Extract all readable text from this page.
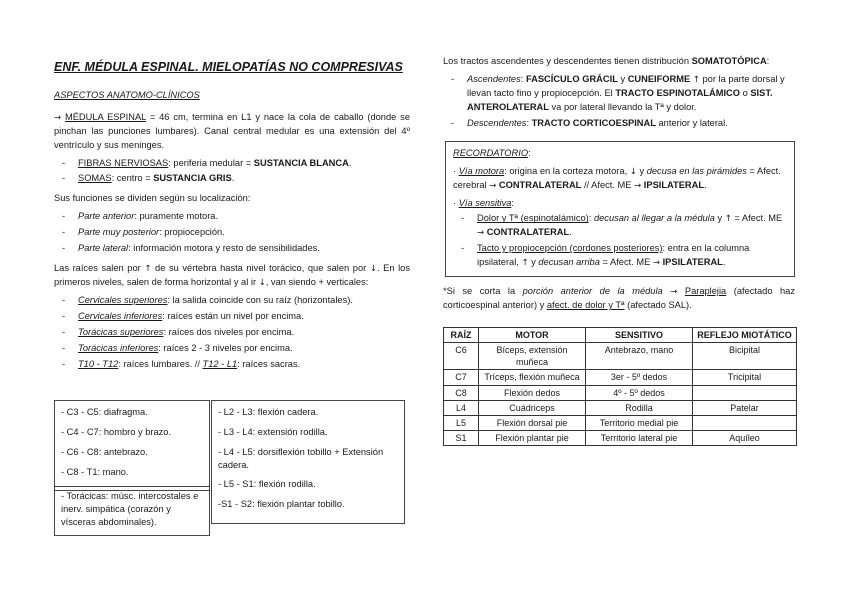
ENF. MÉDULA ESPINAL. MIELOPATÍAS NO COMPRESIVAS

ASPECTOS ANATOMO-CLÍNICOS

→ MÉDULA ESPINAL = 46 cm, termina en L1 y nace la cola de caballo (donde se pinchan las punciones lumbares). Canal central medular es una extensión del 4º ventrículo y sus meninges.

- FIBRAS NERVIOSAS: periferia medular = SUSTANCIA BLANCA.
- SOMAS: centro = SUSTANCIA GRIS.

Sus funciones se dividen según su localización:

- Parte anterior: puramente motora.
- Parte muy posterior: propiocepción.
- Parte lateral: información motora y resto de sensibilidades.

Las raíces salen por ↑ de su vértebra hasta nivel torácico, que salen por ↓. En los primeros niveles, salen de forma horizontal y al ir ↓, van siendo + verticales:

- Cervicales superiores: la salida coincide con su raíz (horizontales).
- Cervicales inferiores: raíces están un nivel por encima.
- Torácicas superiores: raíces dos niveles por encima.
- Torácicas inferiores: raíces 2 - 3 niveles por encima.
- T10 - T12: raíces lumbares. // T12 - L1: raíces sacras.

- C3 - C5: diafragma.

- C4 - C7: hombro y brazo.

- C6 - C8: antebrazo.

- C8 - T1: mano.

- Torácicas: músc. intercostales e inerv. simpática (corazón y vísceras abdominales).

- L2 - L3: flexión cadera.

- L3 - L4: extensión rodilla.

- L4 - L5: dorsiflexión tobillo + Extensión cadera.

- L5 - S1: flexión rodilla.

-S1 - S2: flexión plantar tobillo.

Los tractos ascendentes y descendentes tienen distribución SOMATOTÓPICA:

- Ascendentes: FASCÍCULO GRÁCIL y CUNEIFORME ↑ por la parte dorsal y llevan tacto fino y propiocepción. El TRACTO ESPINOTALÁMICO o SIST. ANTEROLATERAL va por lateral llevando la Tª y dolor.
- Descendentes: TRACTO CORTICOESPINAL anterior y lateral.

RECORDATORIO:

· Vía motora: origina en la corteza motora, ↓ y decusa en las pirámides = Afect. cerebral → CONTRALATERAL // Afect. ME → IPSILATERAL.

· Vía sensitiva:

- Dolor y Tª (espinotalámico): decusan al llegar a la médula y ↑ = Afect. ME → CONTRALATERAL.
- Tacto y propiocepción (cordones posteriores): entra en la columna ipsilateral, ↑ y decusan arriba = Afect. ME → IPSILATERAL.

*Si se corta la porción anterior de la médula → Paraplejia (afectado haz corticoespinal anterior) y afect. de dolor y Tª (afectado SAL).

RAÍZ	MOTOR	SENSITIVO	REFLEJO MIOTÁTICO
C6	Bíceps, extensión muñeca	Antebrazo, mano	Bicipital
C7	Tríceps, flexión muñeca	3er - 5º dedos	Tricipital
C8	Flexión dedos	4º - 5º dedos	
L4	Cuádriceps	Rodilla	Patelar
L5	Flexión dorsal pie	Territorio medial pie	
S1	Flexión plantar pie	Territorio lateral pie	Aquíleo
